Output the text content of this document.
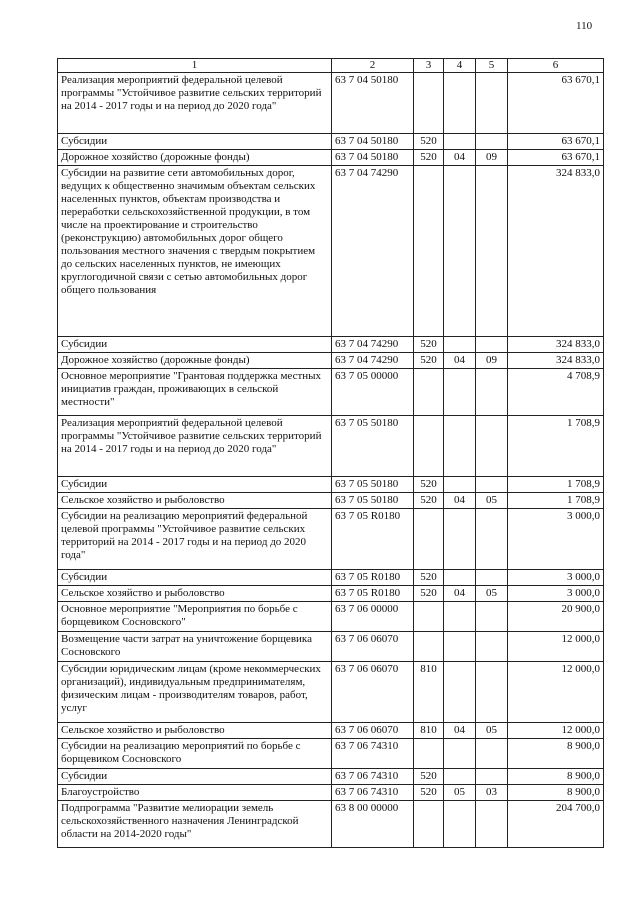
110
1	2	3	4	5	6
Реализация мероприятий федеральной целевой программы "Устойчивое развитие сельских территорий на 2014 - 2017 годы и на период до 2020 года"	63 7 04 50180				63 670,1
Субсидии	63 7 04 50180	520			63 670,1
Дорожное хозяйство (дорожные фонды)	63 7 04 50180	520	04	09	63 670,1
Субсидии на развитие сети автомобильных дорог, ведущих к общественно значимым объектам сельских населенных пунктов, объектам производства и переработки сельскохозяйственной продукции, в том числе на проектирование и строительство (реконструкцию) автомобильных дорог общего пользования местного значения с твердым покрытием до сельских населенных пунктов, не имеющих круглогодичной связи с сетью автомобильных дорог общего пользования	63 7 04 74290				324 833,0
Субсидии	63 7 04 74290	520			324 833,0
Дорожное хозяйство (дорожные фонды)	63 7 04 74290	520	04	09	324 833,0
Основное мероприятие "Грантовая поддержка местных инициатив граждан, проживающих в сельской местности"	63 7 05 00000				4 708,9
Реализация мероприятий федеральной целевой программы "Устойчивое развитие сельских территорий на 2014 - 2017 годы и на период до 2020 года"	63 7 05 50180				1 708,9
Субсидии	63 7 05 50180	520			1 708,9
Сельское хозяйство и рыболовство	63 7 05 50180	520	04	05	1 708,9
Субсидии на реализацию мероприятий федеральной целевой программы "Устойчивое развитие сельских территорий на 2014 - 2017 годы и на период до 2020 года"	63 7 05 R0180				3 000,0
Субсидии	63 7 05 R0180	520			3 000,0
Сельское хозяйство и рыболовство	63 7 05 R0180	520	04	05	3 000,0
Основное мероприятие "Мероприятия по борьбе с борщевиком Сосновского"	63 7 06 00000				20 900,0
Возмещение части затрат на уничтожение борщевика Сосновского	63 7 06 06070				12 000,0
Субсидии юридическим лицам (кроме некоммерческих организаций), индивидуальным предпринимателям, физическим лицам - производителям товаров, работ, услуг	63 7 06 06070	810			12 000,0
Сельское хозяйство и рыболовство	63 7 06 06070	810	04	05	12 000,0
Субсидии на реализацию мероприятий по борьбе с борщевиком Сосновского	63 7 06 74310				8 900,0
Субсидии	63 7 06 74310	520			8 900,0
Благоустройство	63 7 06 74310	520	05	03	8 900,0
Подпрограмма "Развитие мелиорации земель сельскохозяйственного назначения Ленинградской области на 2014-2020 годы"	63 8 00 00000				204 700,0
